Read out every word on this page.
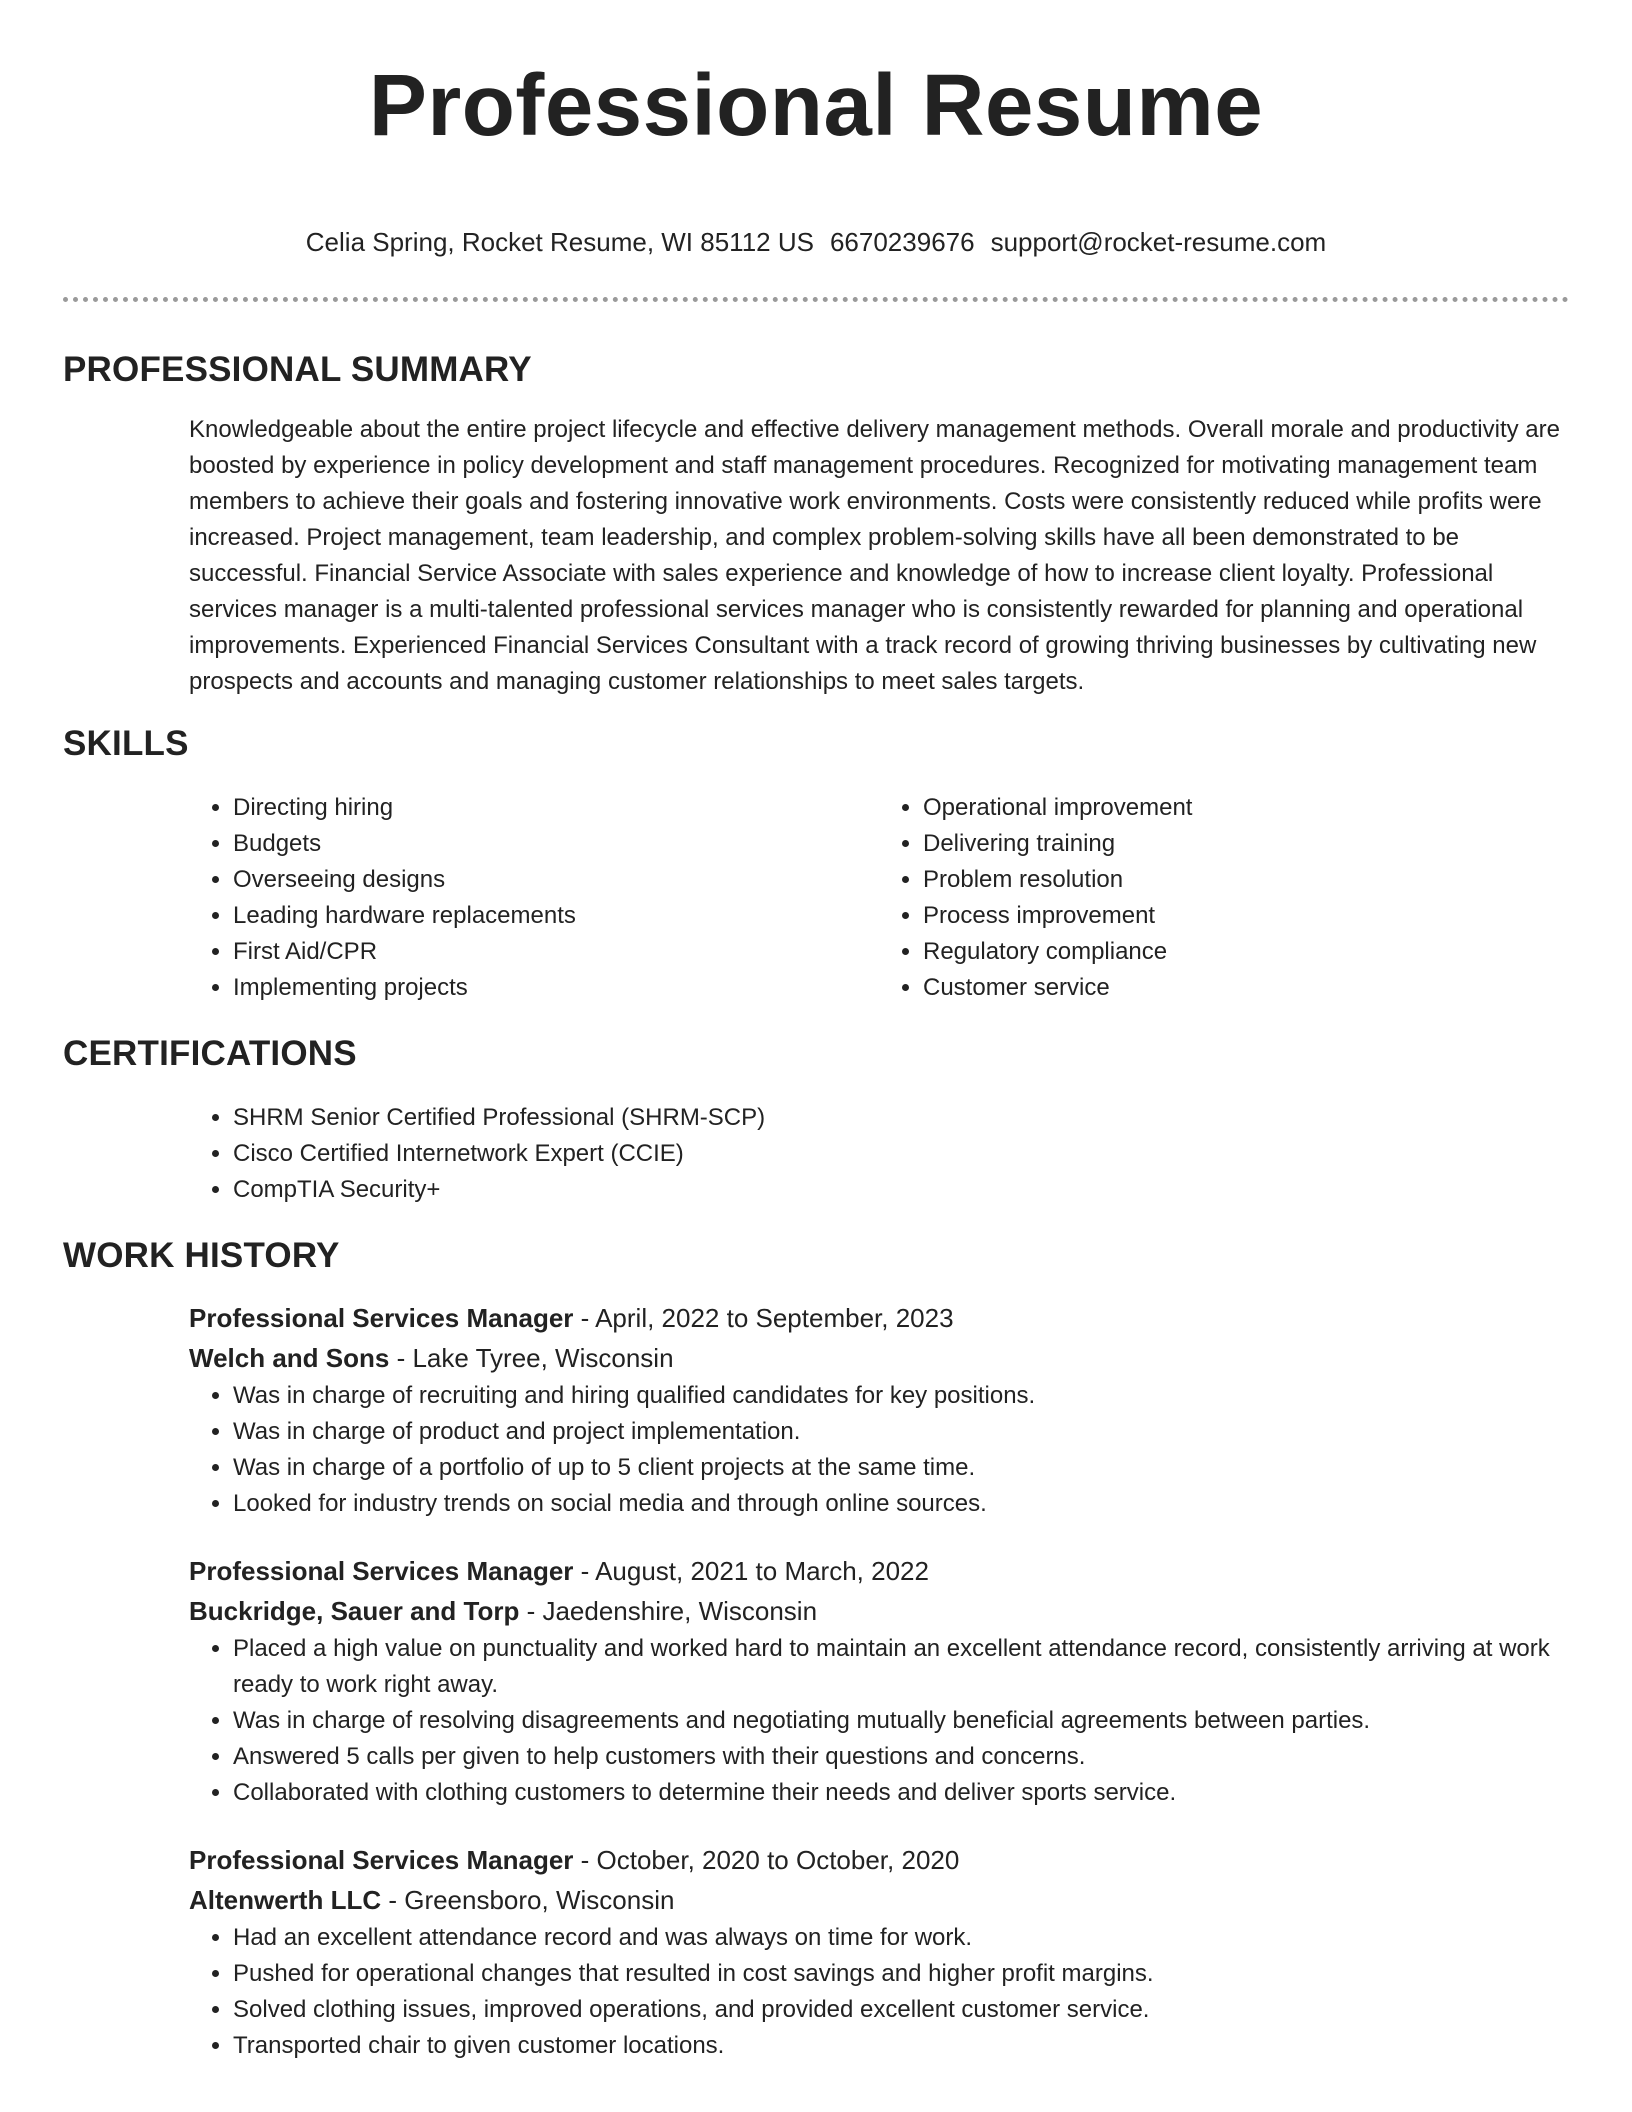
Professional Resume
Celia Spring, Rocket Resume, WI 85112 US 6670239676 support@rocket-resume.com
PROFESSIONAL SUMMARY
Knowledgeable about the entire project lifecycle and effective delivery management methods. Overall morale and productivity are boosted by experience in policy development and staff management procedures. Recognized for motivating management team members to achieve their goals and fostering innovative work environments. Costs were consistently reduced while profits were increased. Project management, team leadership, and complex problem-solving skills have all been demonstrated to be successful. Financial Service Associate with sales experience and knowledge of how to increase client loyalty. Professional services manager is a multi-talented professional services manager who is consistently rewarded for planning and operational improvements. Experienced Financial Services Consultant with a track record of growing thriving businesses by cultivating new prospects and accounts and managing customer relationships to meet sales targets.
SKILLS
• Directing hiring
• Budgets
• Overseeing designs
• Leading hardware replacements
• First Aid/CPR
• Implementing projects
• Operational improvement
• Delivering training
• Problem resolution
• Process improvement
• Regulatory compliance
• Customer service
CERTIFICATIONS
• SHRM Senior Certified Professional (SHRM-SCP)
• Cisco Certified Internetwork Expert (CCIE)
• CompTIA Security+
WORK HISTORY
Professional Services Manager - April, 2022 to September, 2023
Welch and Sons - Lake Tyree, Wisconsin
• Was in charge of recruiting and hiring qualified candidates for key positions.
• Was in charge of product and project implementation.
• Was in charge of a portfolio of up to 5 client projects at the same time.
• Looked for industry trends on social media and through online sources.
Professional Services Manager - August, 2021 to March, 2022
Buckridge, Sauer and Torp - Jaedenshire, Wisconsin
• Placed a high value on punctuality and worked hard to maintain an excellent attendance record, consistently arriving at work ready to work right away.
• Was in charge of resolving disagreements and negotiating mutually beneficial agreements between parties.
• Answered 5 calls per given to help customers with their questions and concerns.
• Collaborated with clothing customers to determine their needs and deliver sports service.
Professional Services Manager - October, 2020 to October, 2020
Altenwerth LLC - Greensboro, Wisconsin
• Had an excellent attendance record and was always on time for work.
• Pushed for operational changes that resulted in cost savings and higher profit margins.
• Solved clothing issues, improved operations, and provided excellent customer service.
• Transported chair to given customer locations.
